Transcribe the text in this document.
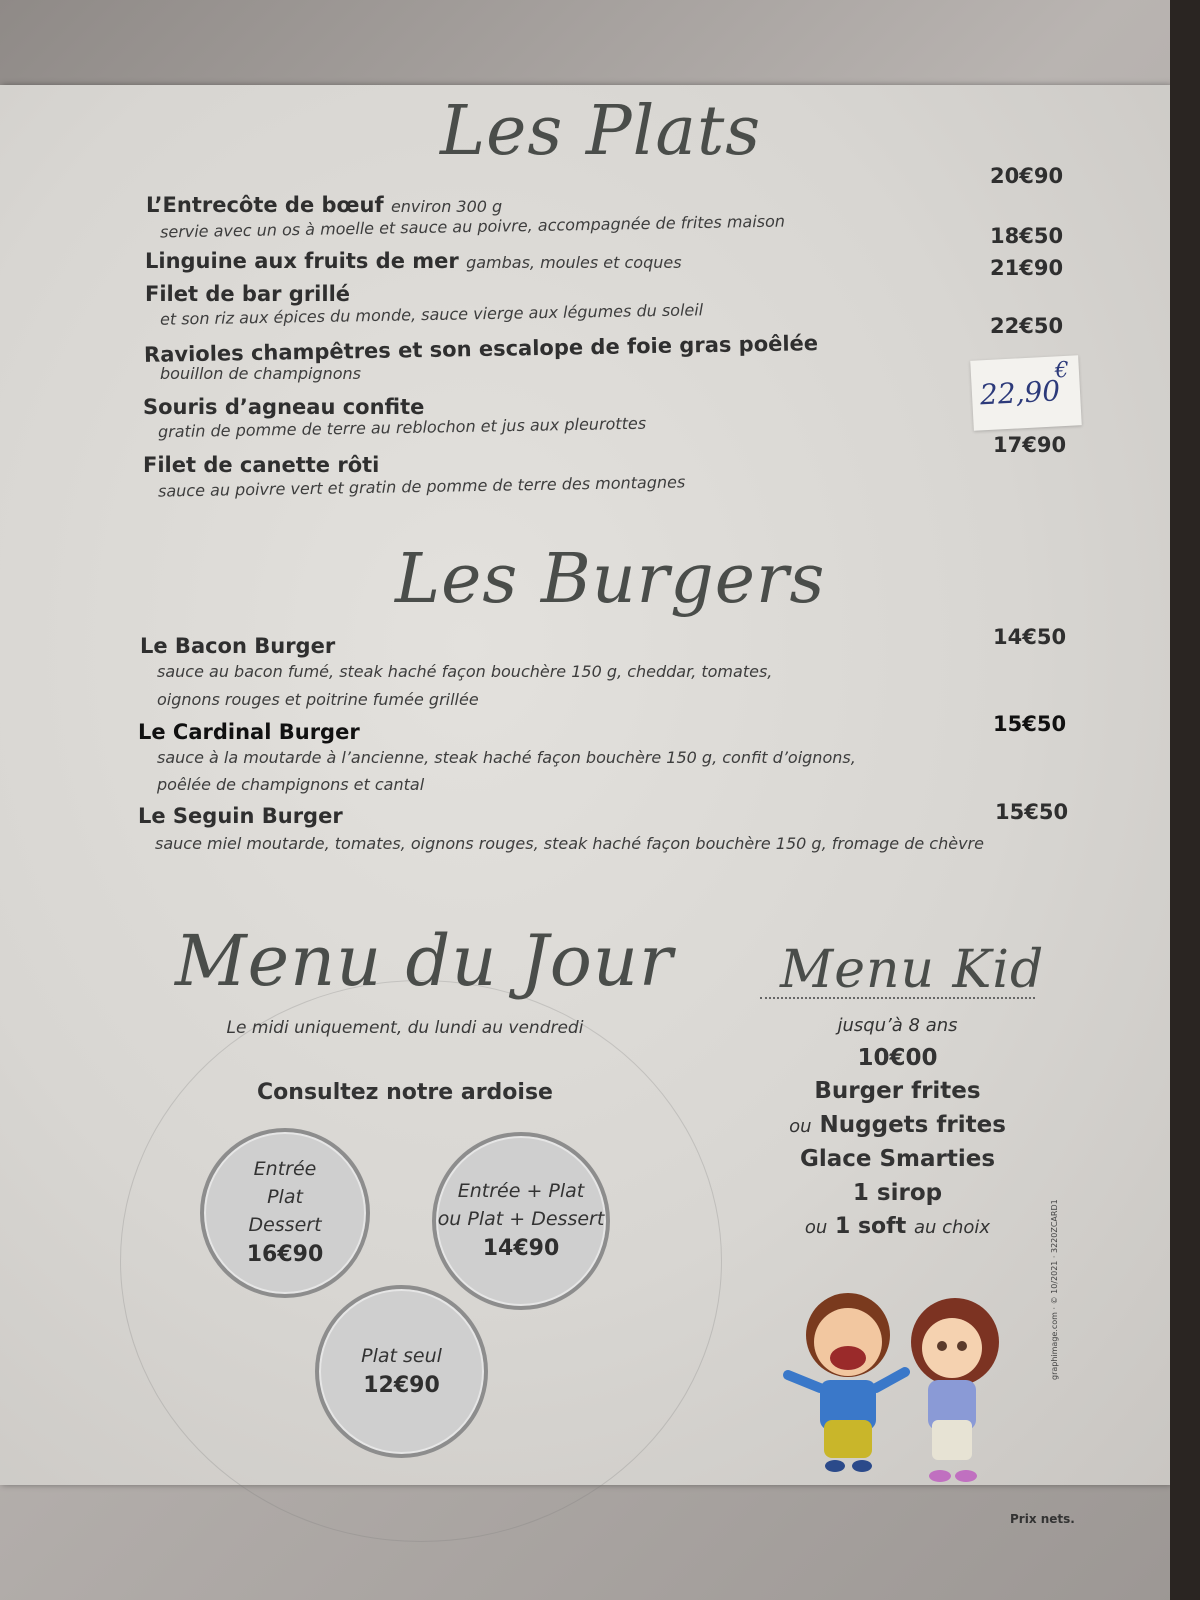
Les Plats
20€90
L’Entrecôte de bœuf environ 300 g
servie avec un os à moelle et sauce au poivre, accompagnée de frites maison	18€50
Linguine aux fruits de mer gambas, moules et coques	21€90
Filet de bar grillé
et son riz aux épices du monde, sauce vierge aux légumes du soleil	22€50
Ravioles champêtres et son escalope de foie gras poêlée
bouillon de champignons
22,90
€
Souris d’agneau confite
gratin de pomme de terre au reblochon et jus aux pleurottes
17€90
Filet de canette rôti
sauce au poivre vert et gratin de pomme de terre des montagnes
Les Burgers
14€50
Le Bacon Burger
sauce au bacon fumé, steak haché façon bouchère 150 g, cheddar, tomates,
oignons rouges et poitrine fumée grillée
15€50
Le Cardinal Burger
sauce à la moutarde à l’ancienne, steak haché façon bouchère 150 g, confit d’oignons,
poêlée de champignons et cantal
15€50
Le Seguin Burger
sauce miel moutarde, tomates, oignons rouges, steak haché façon bouchère 150 g, fromage de chèvre
Menu du Jour
Le midi uniquement, du lundi au vendredi
Consultez notre ardoise
Entrée
Plat
Dessert
16€90
Entrée + Plat
ou Plat + Dessert
14€90
Plat seul
12€90
Menu Kid
jusqu’à 8 ans
10€00
Burger frites
ou Nuggets frites
Glace Smarties
1 sirop
ou 1 soft au choix
Prix nets.
graphimage.com · © 10/2021 · 3220ZCARD1
